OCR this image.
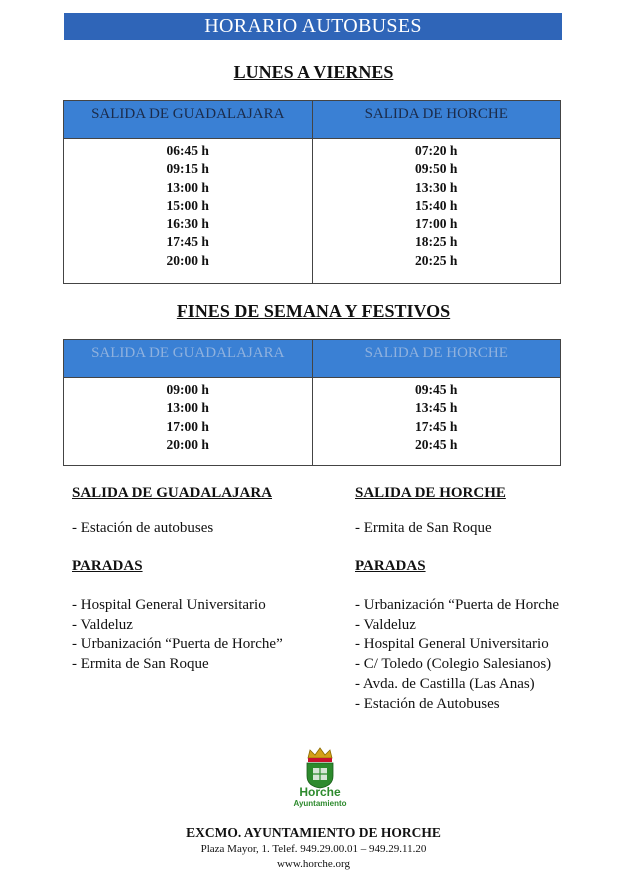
HORARIO AUTOBUSES
LUNES A VIERNES
SALIDA DE GUADALAJARA	SALIDA DE HORCHE
06:45 h
09:15 h
13:00 h
15:00 h
16:30 h
17:45 h
20:00 h
07:20 h
09:50 h
13:30 h
15:40 h
17:00 h
18:25 h
20:25 h
FINES DE SEMANA Y FESTIVOS
SALIDA DE GUADALAJARA	SALIDA DE HORCHE
09:00 h
13:00 h
17:00 h
20:00 h
09:45 h
13:45 h
17:45 h
20:45 h
SALIDA DE GUADALAJARA
- Estación de autobuses
PARADAS
- Hospital General Universitario
- Valdeluz
- Urbanización “Puerta de Horche”
- Ermita de San Roque
SALIDA DE HORCHE
- Ermita de San Roque
PARADAS
- Urbanización “Puerta de Horche
- Valdeluz
- Hospital General Universitario
- C/ Toledo (Colegio Salesianos)
- Avda. de Castilla (Las Anas)
- Estación de Autobuses
Horche
Ayuntamiento
EXCMO. AYUNTAMIENTO DE HORCHE
Plaza Mayor, 1. Telef. 949.29.00.01 – 949.29.11.20
www.horche.org
